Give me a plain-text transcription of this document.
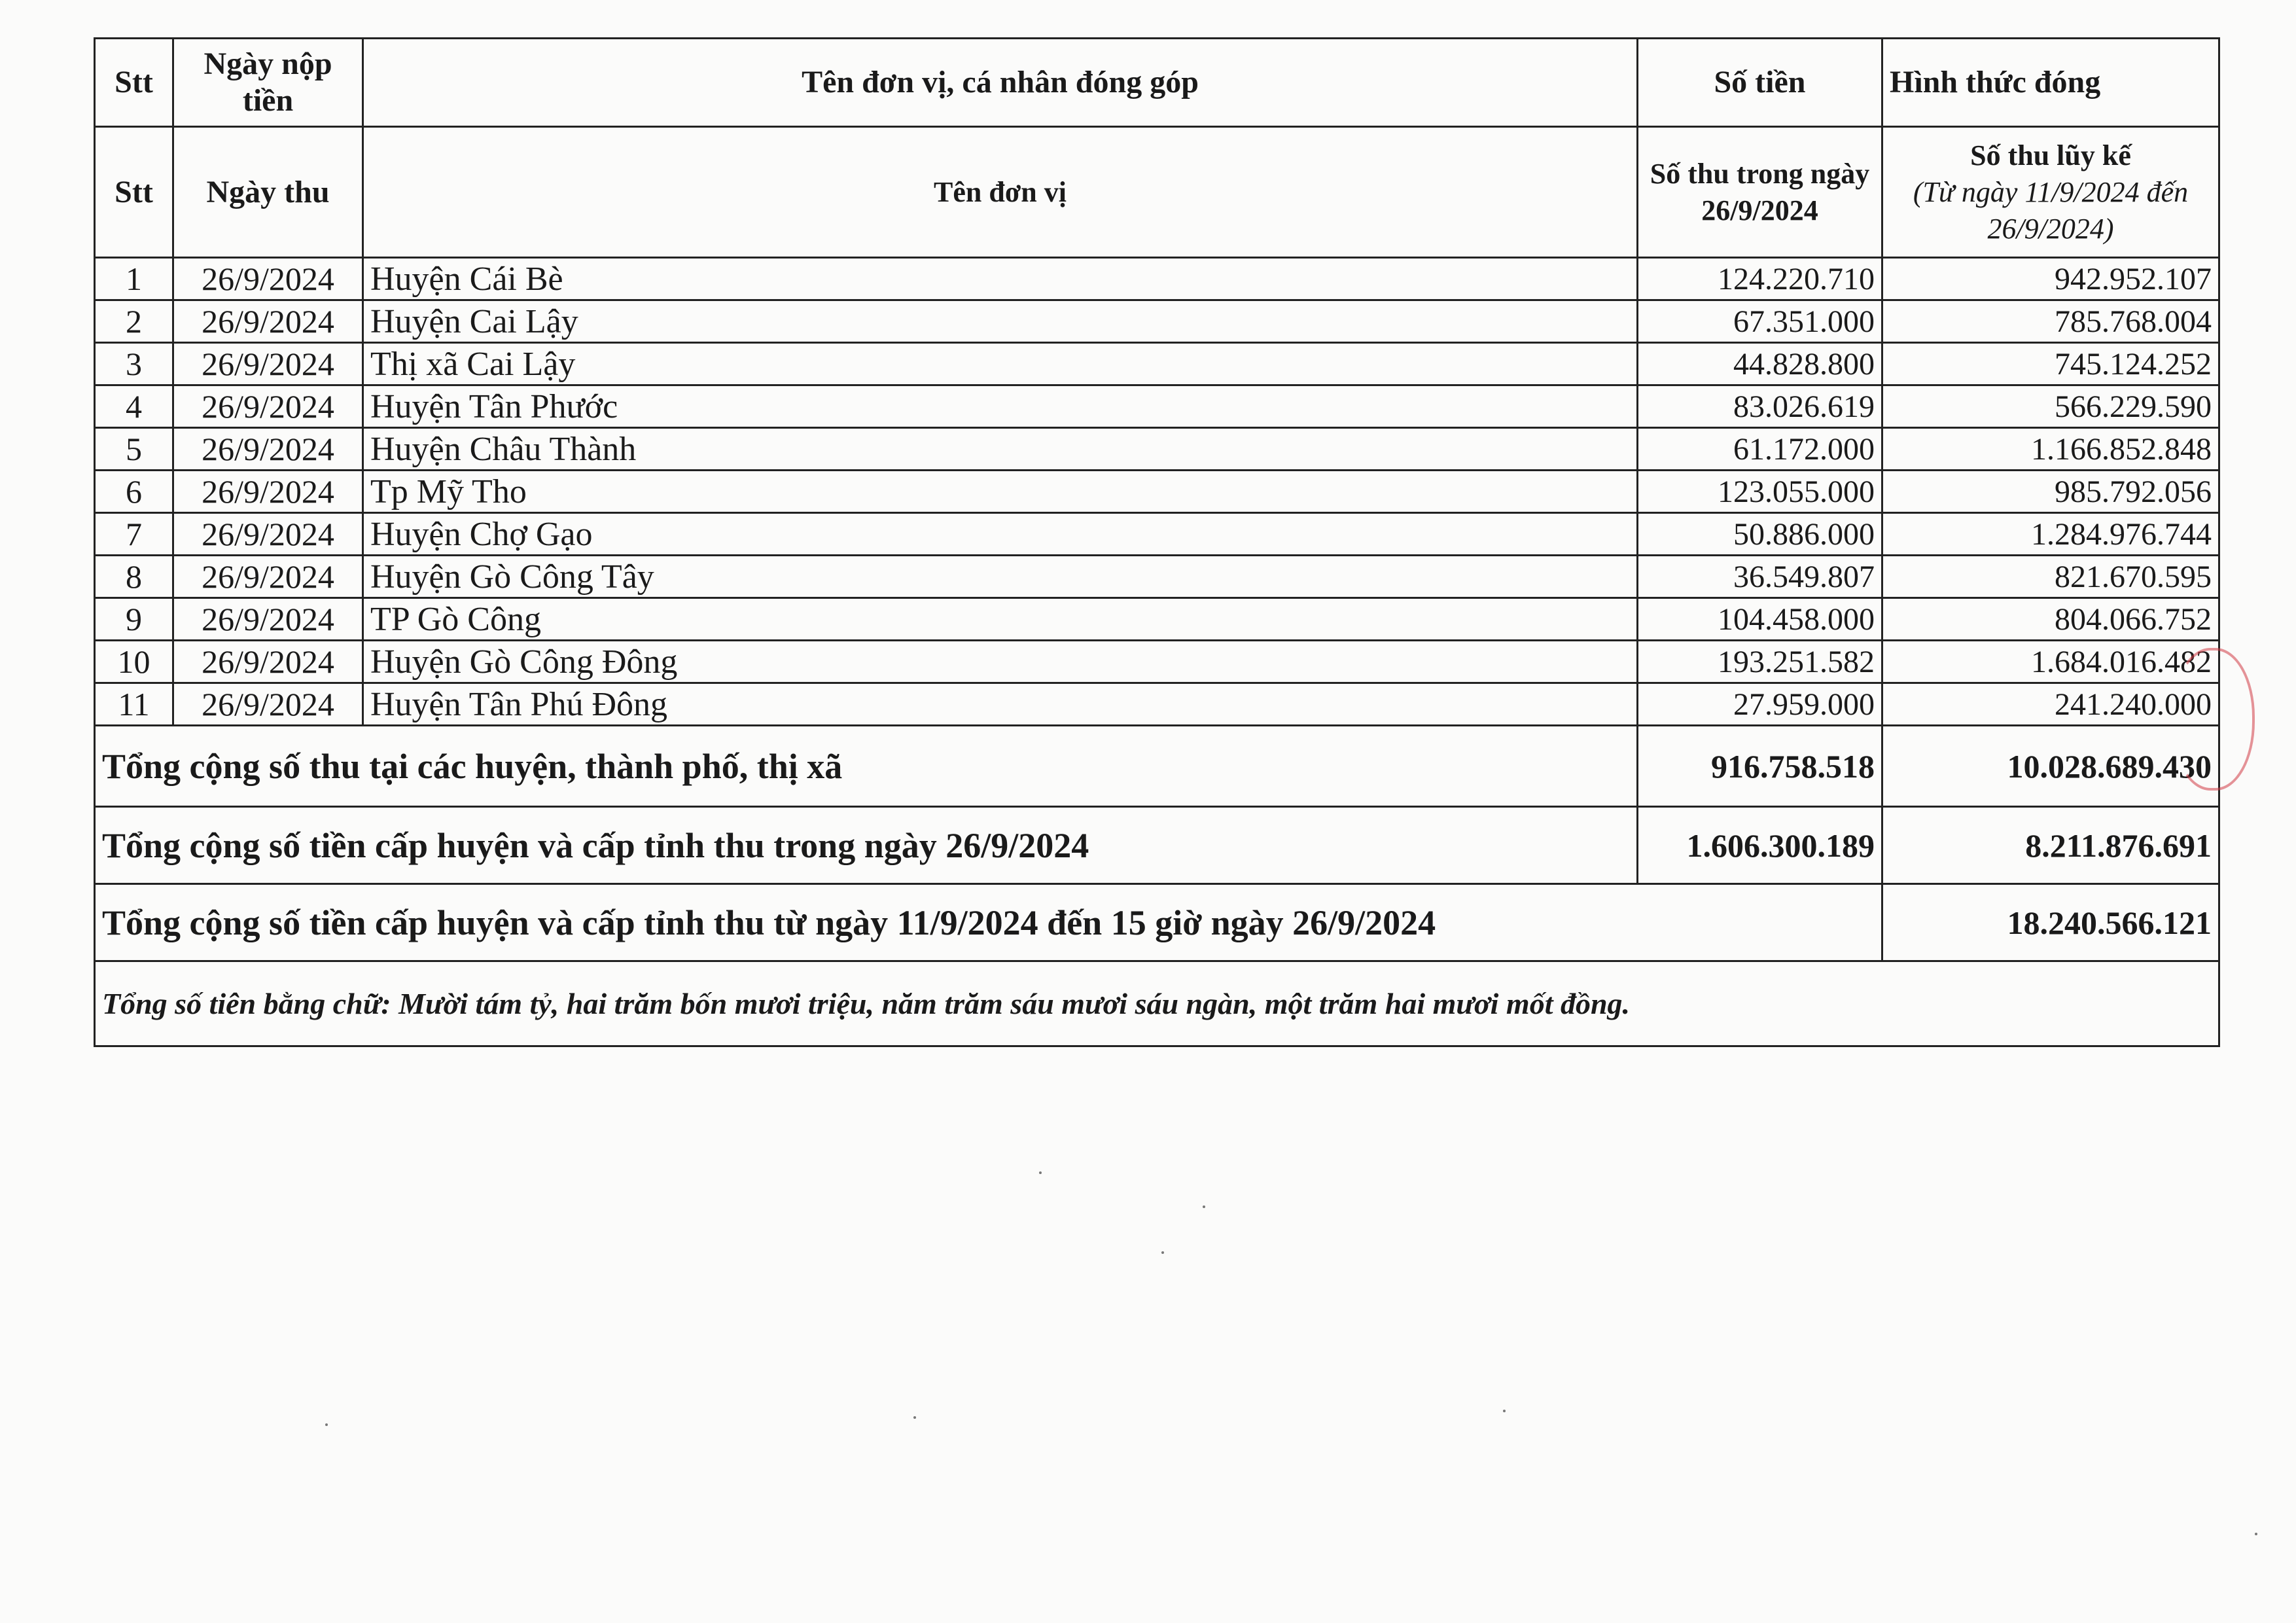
Stt	Ngày nộp tiền	Tên đơn vị, cá nhân đóng góp	Số tiền	Hình thức đóng
Stt	Ngày thu	Tên đơn vị	Số thu trong ngày 26/9/2024	Số thu lũy kế
(Từ ngày 11/9/2024 đến 26/9/2024)

1	26/9/2024	Huyện Cái Bè	124.220.710	942.952.107
2	26/9/2024	Huyện Cai Lậy	67.351.000	785.768.004
3	26/9/2024	Thị xã Cai Lậy	44.828.800	745.124.252
4	26/9/2024	Huyện Tân Phước	83.026.619	566.229.590
5	26/9/2024	Huyện Châu Thành	61.172.000	1.166.852.848
6	26/9/2024	Tp Mỹ Tho	123.055.000	985.792.056
7	26/9/2024	Huyện Chợ Gạo	50.886.000	1.284.976.744
8	26/9/2024	Huyện Gò Công Tây	36.549.807	821.670.595
9	26/9/2024	TP Gò Công	104.458.000	804.066.752
10	26/9/2024	Huyện Gò Công Đông	193.251.582	1.684.016.482
11	26/9/2024	Huyện Tân Phú Đông	27.959.000	241.240.000
Tổng cộng số thu tại các huyện, thành phố, thị xã			916.758.518	10.028.689.430
Tổng cộng số tiền cấp huyện và cấp tỉnh thu trong ngày 26/9/2024			1.606.300.189	8.211.876.691
Tổng cộng số tiền cấp huyện và cấp tỉnh thu từ ngày 11/9/2024 đến 15 giờ ngày 26/9/2024				18.240.566.121
Tổng số tiên bằng chữ: Mười tám tỷ, hai trăm bốn mươi triệu, năm trăm sáu mươi sáu ngàn, một trăm hai mươi mốt đồng.				
